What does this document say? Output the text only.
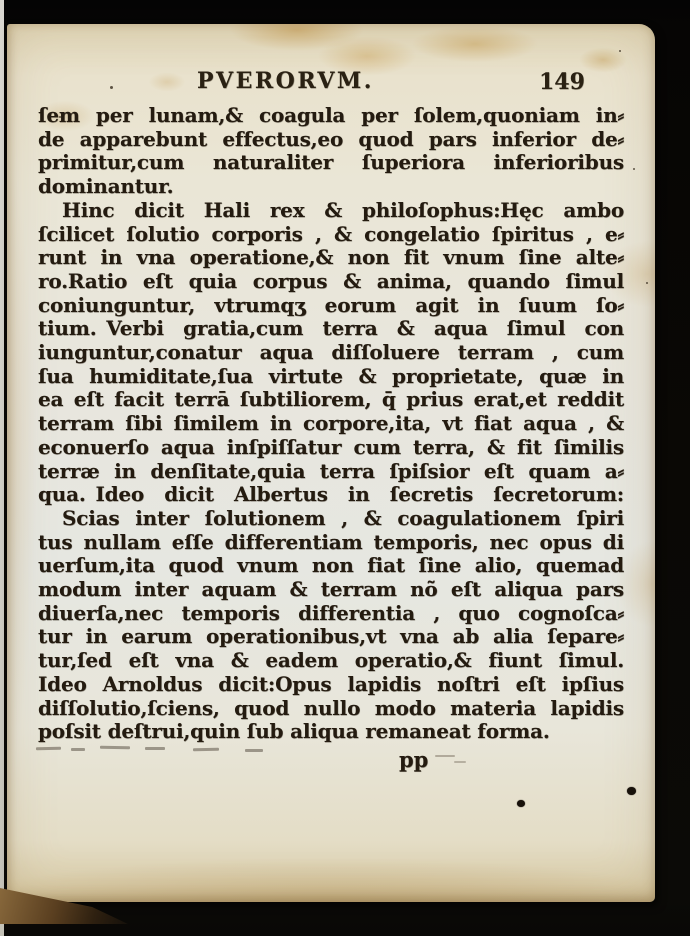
PVERORVM.	149
ſem per lunam,& coagula per ſolem,quoniam in⸗
de apparebunt effectus,eo quod pars inferior de⸗
primitur,cum naturaliter ſuperiora inferioribus
dominantur.
Hinc dicit Hali rex & philoſophus:Hęc ambo
ſcilicet ſolutio corporis , & congelatio ſpiritus , e⸗
runt in vna operatione,& non fit vnum ſine alte⸗
ro.Ratio eſt quia corpus & anima, quando ſimul
coniunguntur, vtrumqʒ eorum agit in ſuum ſo⸗
tium. Verbi gratia,cum terra & aqua ſimul con
iunguntur,conatur aqua diſſoluere terram , cum
ſua humiditate,ſua virtute & proprietate, quæ in
ea eſt facit terrā ſubtiliorem, q̄ prius erat,et reddit
terram ſibi ſimilem in corpore,ita, vt fiat aqua , &
econuerſo aqua inſpiſſatur cum terra, & fit ſimilis
terræ in denſitate,quia terra ſpiſsior eſt quam a⸗
qua. Ideo dicit Albertus in ſecretis ſecretorum:
Scias inter ſolutionem , & coagulationem ſpiri
tus nullam eſſe differentiam temporis, nec opus di
uerſum,ita quod vnum non fiat ſine alio, quemad
modum inter aquam & terram nõ eſt aliqua pars
diuerſa,nec temporis differentia , quo cognoſca⸗
tur in earum operationibus,vt vna ab alia ſepare⸗
tur,ſed eſt vna & eadem operatio,& fiunt ſimul.
Ideo Arnoldus dicit:Opus lapidis noſtri eſt ipſius
diſſolutio,ſciens, quod nullo modo materia lapidis
poſsit deſtrui,quin ſub aliqua remaneat forma.
pp
